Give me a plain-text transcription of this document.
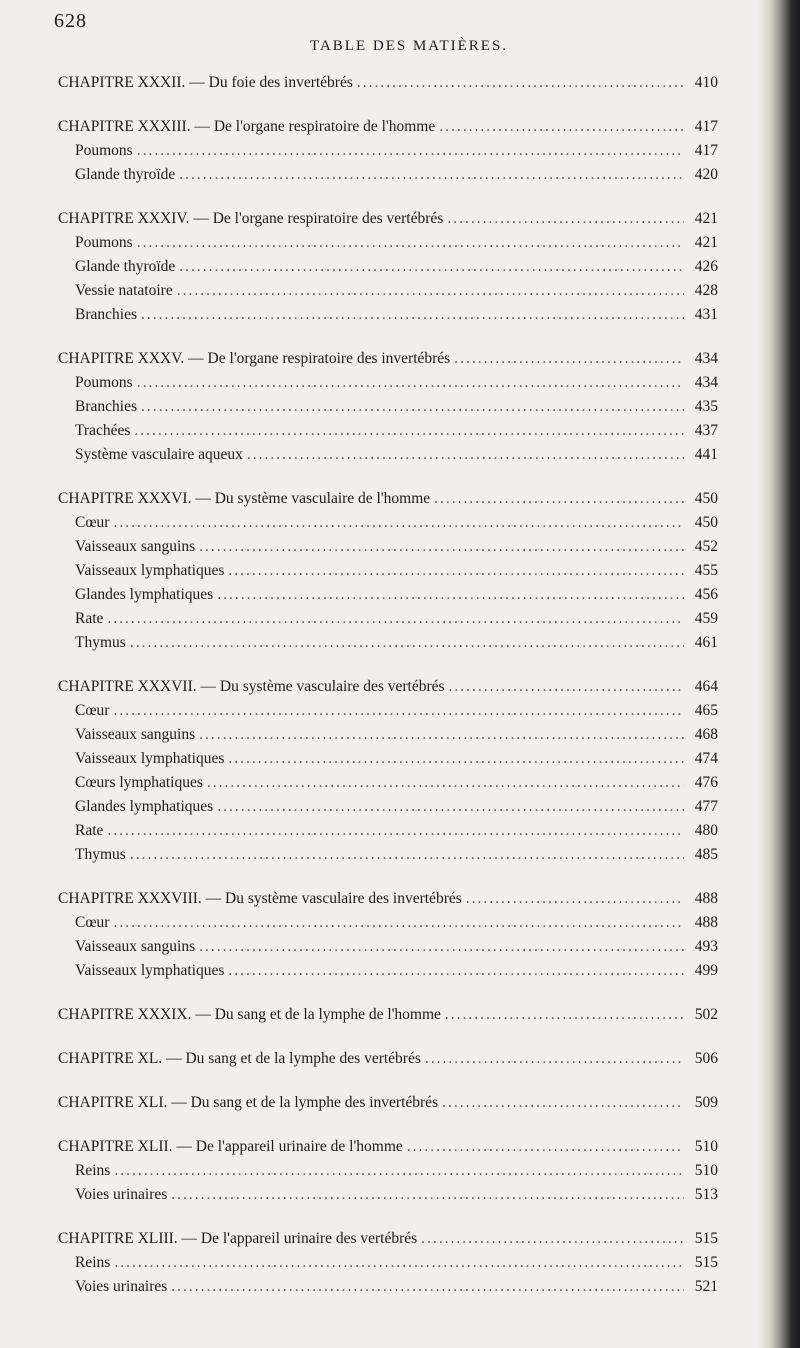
628
TABLE DES MATIÈRES.
CHAPITRE XXXII. — Du foie des invertébrés .....	410
CHAPITRE XXXIII. — De l'organe respiratoire de l'homme .....	417
Poumons .....	417
Glande thyroïde .....	420
CHAPITRE XXXIV. — De l'organe respiratoire des vertébrés .....	421
Poumons .....	421
Glande thyroïde .....	426
Vessie natatoire .....	428
Branchies .....	431
CHAPITRE XXXV. — De l'organe respiratoire des invertébrés .....	434
Poumons .....	434
Branchies .....	435
Trachées .....	437
Système vasculaire aqueux .....	441
CHAPITRE XXXVI. — Du système vasculaire de l'homme .....	450
Cœur .....	450
Vaisseaux sanguins .....	452
Vaisseaux lymphatiques .....	455
Glandes lymphatiques .....	456
Rate .....	459
Thymus .....	461
CHAPITRE XXXVII. — Du système vasculaire des vertébrés .....	464
Cœur .....	465
Vaisseaux sanguins .....	468
Vaisseaux lymphatiques .....	474
Cœurs lymphatiques .....	476
Glandes lymphatiques .....	477
Rate .....	480
Thymus .....	485
CHAPITRE XXXVIII. — Du système vasculaire des invertébrés .....	488
Cœur .....	488
Vaisseaux sanguins .....	493
Vaisseaux lymphatiques .....	499
CHAPITRE XXXIX. — Du sang et de la lymphe de l'homme .....	502
CHAPITRE XL. — Du sang et de la lymphe des vertébrés .....	506
CHAPITRE XLI. — Du sang et de la lymphe des invertébrés .....	509
CHAPITRE XLII. — De l'appareil urinaire de l'homme .....	510
Reins .....	510
Voies urinaires .....	513
CHAPITRE XLIII. — De l'appareil urinaire des vertébrés .....	515
Reins .....	515
Voies urinaires .....	521
